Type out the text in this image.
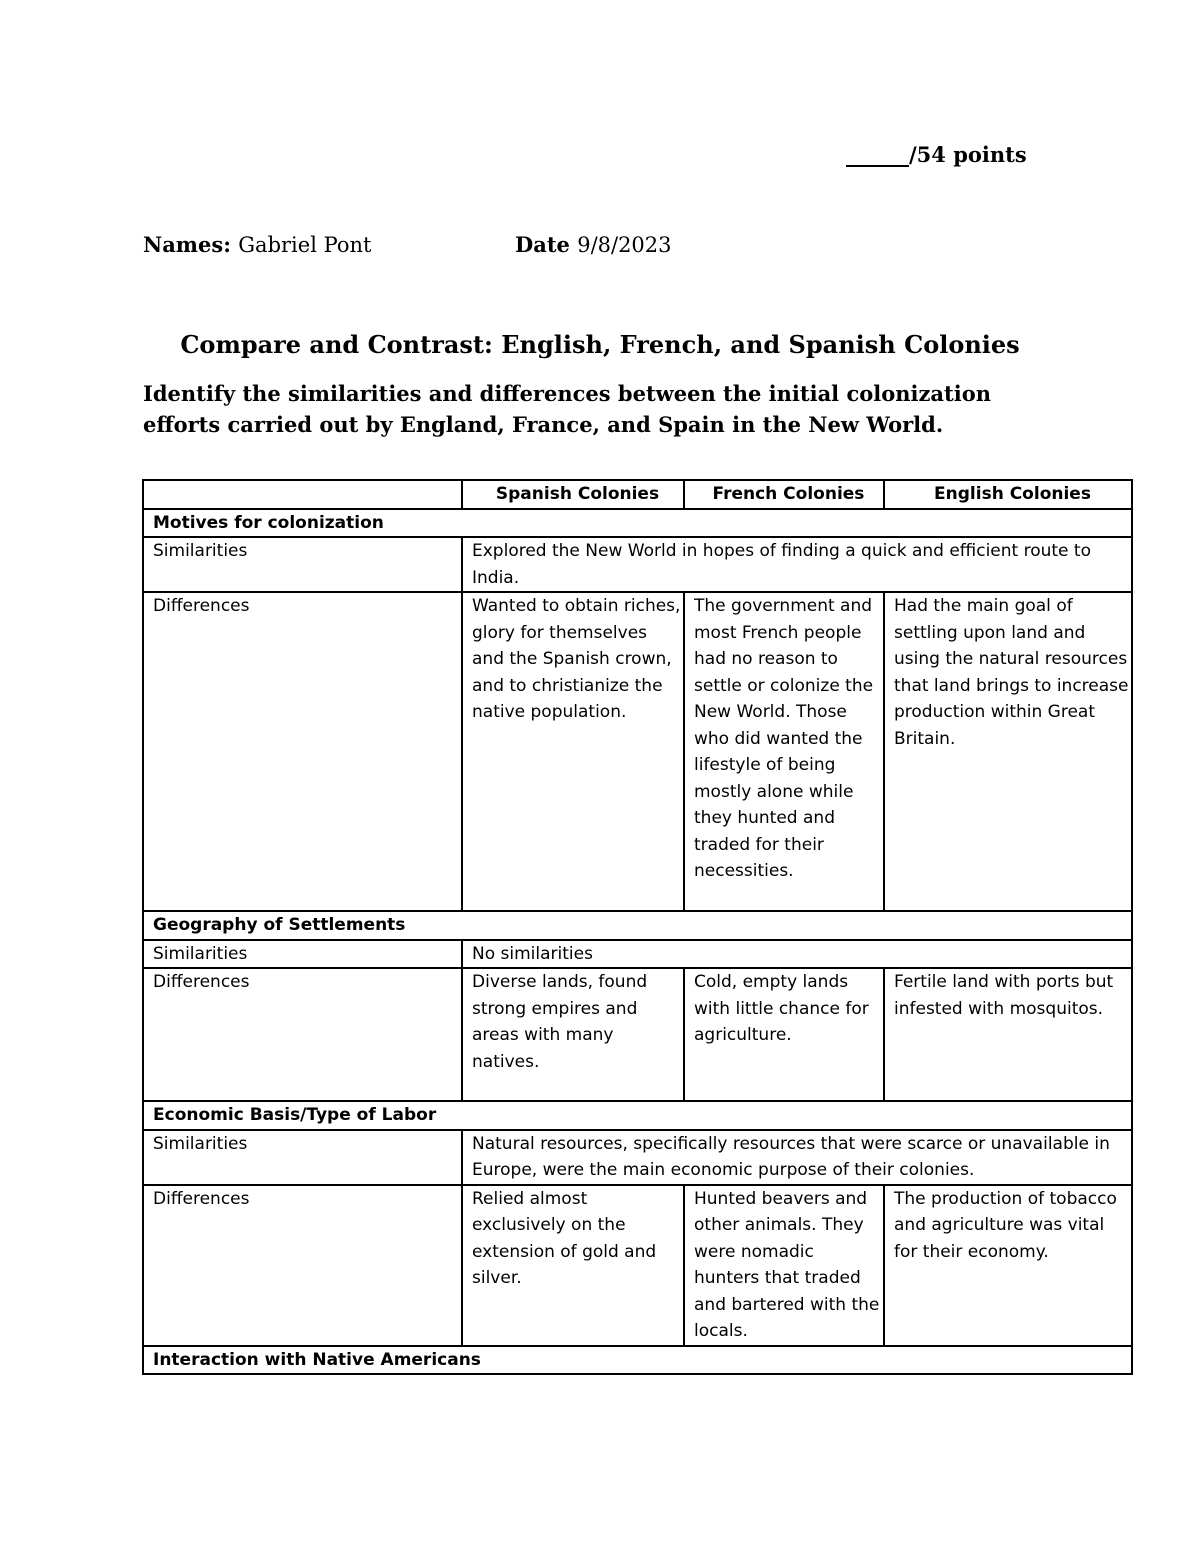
______/54 points
Names: Gabriel Pont	Date 9/8/2023
Compare and Contrast: English, French, and Spanish Colonies
Identify the similarities and differences between the initial colonization efforts carried out by England, France, and Spain in the New World.
	Spanish Colonies	French Colonies	English Colonies
Motives for colonization			
Similarities	Explored the New World in hopes of finding a quick and efficient route to India.		
Differences	Wanted to obtain riches, glory for themselves and the Spanish crown, and to christianize the native population.	The government and most French people had no reason to settle or colonize the New World. Those who did wanted the lifestyle of being mostly alone while they hunted and traded for their necessities.	Had the main goal of settling upon land and using the natural resources that land brings to increase production within Great Britain.
Geography of Settlements			
Similarities	No similarities		
Differences	Diverse lands, found strong empires and areas with many natives.	Cold, empty lands with little chance for agriculture.	Fertile land with ports but infested with mosquitos.
Economic Basis/Type of Labor			
Similarities	Natural resources, specifically resources that were scarce or unavailable in Europe, were the main economic purpose of their colonies.		
Differences	Relied almost exclusively on the extension of gold and silver.	Hunted beavers and other animals. They were nomadic hunters that traded and bartered with the locals.	The production of tobacco and agriculture was vital for their economy.
Interaction with Native Americans			
